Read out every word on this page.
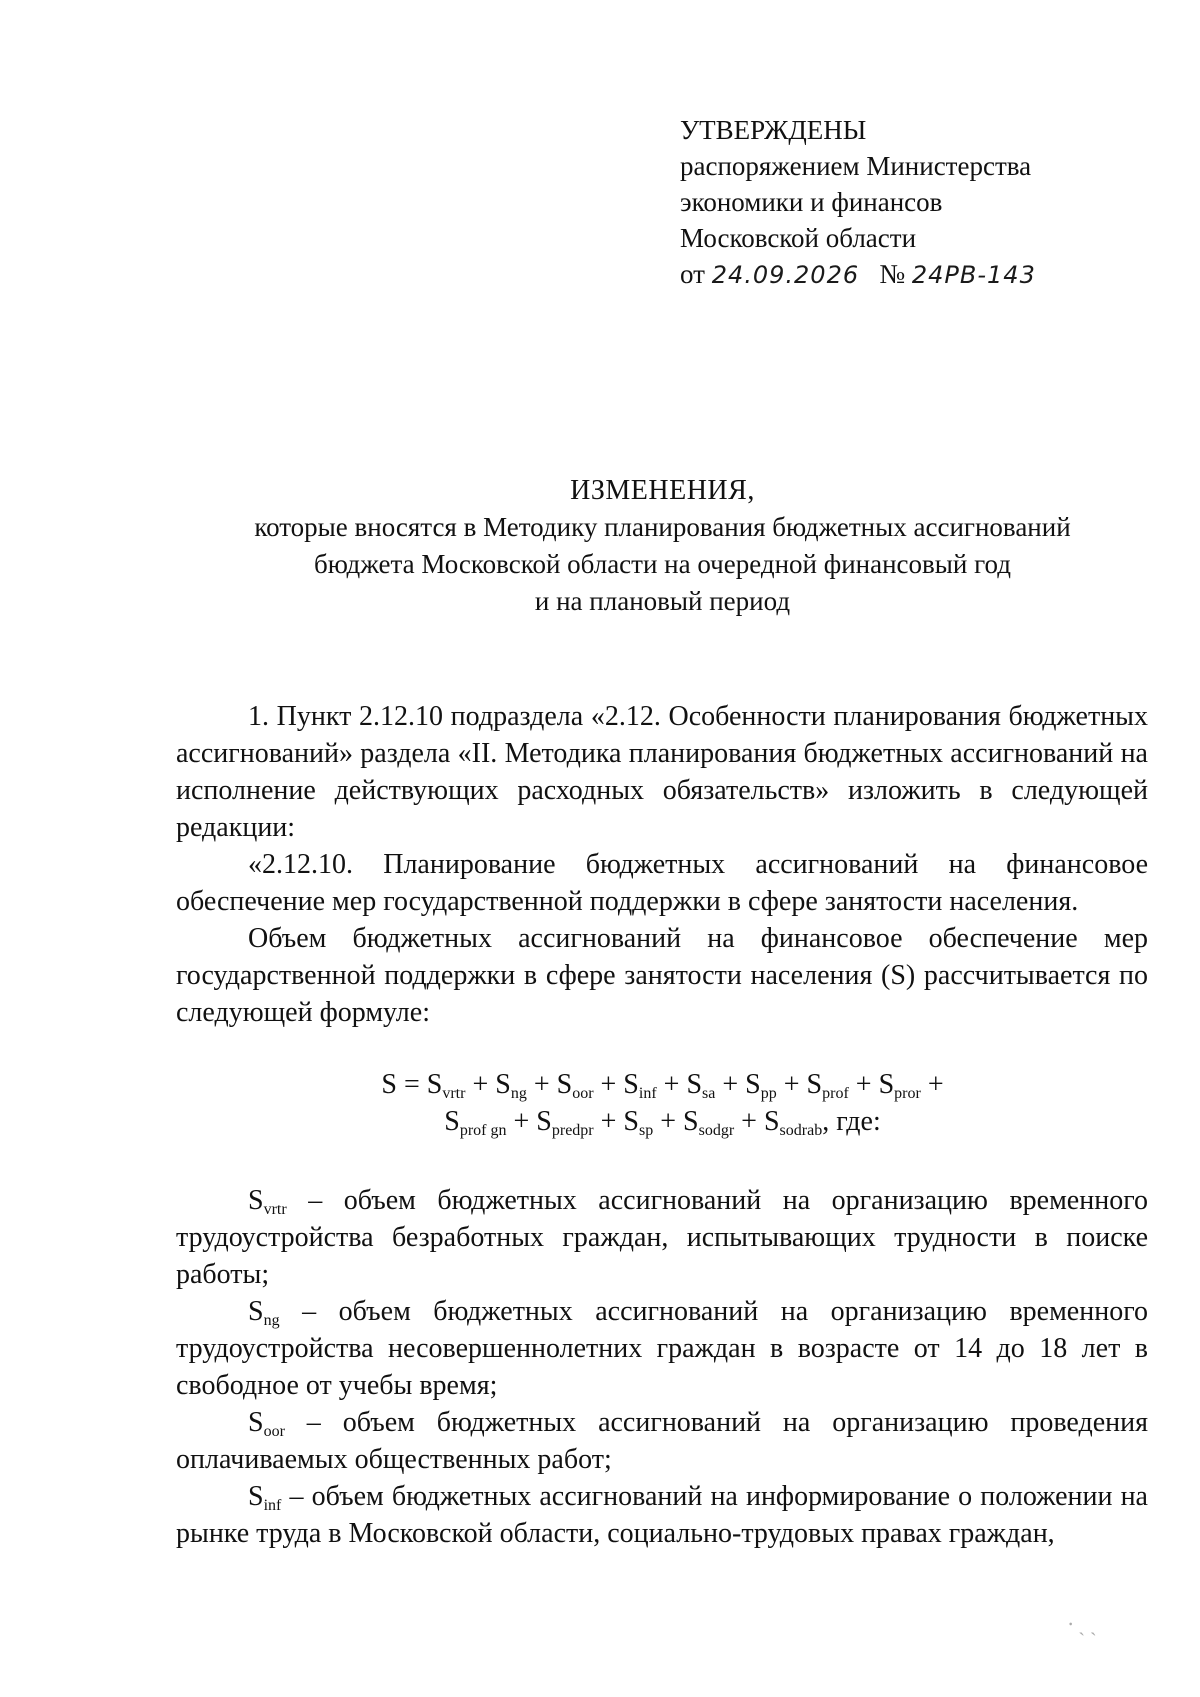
УТВЕРЖДЕНЫ
распоряжением Министерства
экономики и финансов
Московской области
от 24.09.2026 № 24РВ-143
ИЗМЕНЕНИЯ,
которые вносятся в Методику планирования бюджетных ассигнований
бюджета Московской области на очередной финансовый год
и на плановый период

1. Пункт 2.12.10 подраздела «2.12. Особенности планирования бюджетных ассигнований» раздела «II. Методика планирования бюджетных ассигнований на исполнение действующих расходных обязательств» изложить в следующей редакции:

«2.12.10. Планирование бюджетных ассигнований на финансовое обеспечение мер государственной поддержки в сфере занятости населения.

Объем бюджетных ассигнований на финансовое обеспечение мер государственной поддержки в сфере занятости населения (S) рассчитывается по следующей формуле:

$S = S_{vrtr} + S_{ng} + S_{oor} + S_{inf} + S_{sa} + S_{pp} + S_{prof} + S_{pror}$ +
$S_{prof gn} + S_{predpr} + S_{sp} + S_{sodgr} + S_{sodrab}$, где:

$S_{vrtr}$ – объем бюджетных ассигнований на организацию временного трудоустройства безработных граждан, испытывающих трудности в поиске работы;

$S_{ng}$ – объем бюджетных ассигнований на организацию временного трудоустройства несовершеннолетних граждан в возрасте от 14 до 18 лет в свободное от учебы время;

$S_{oor}$ – объем бюджетных ассигнований на организацию проведения оплачиваемых общественных работ;

$S_{inf}$ – объем бюджетных ассигнований на информирование о положении на рынке труда в Московской области, социально-трудовых правах граждан,

⸱ ˏ ˎ
